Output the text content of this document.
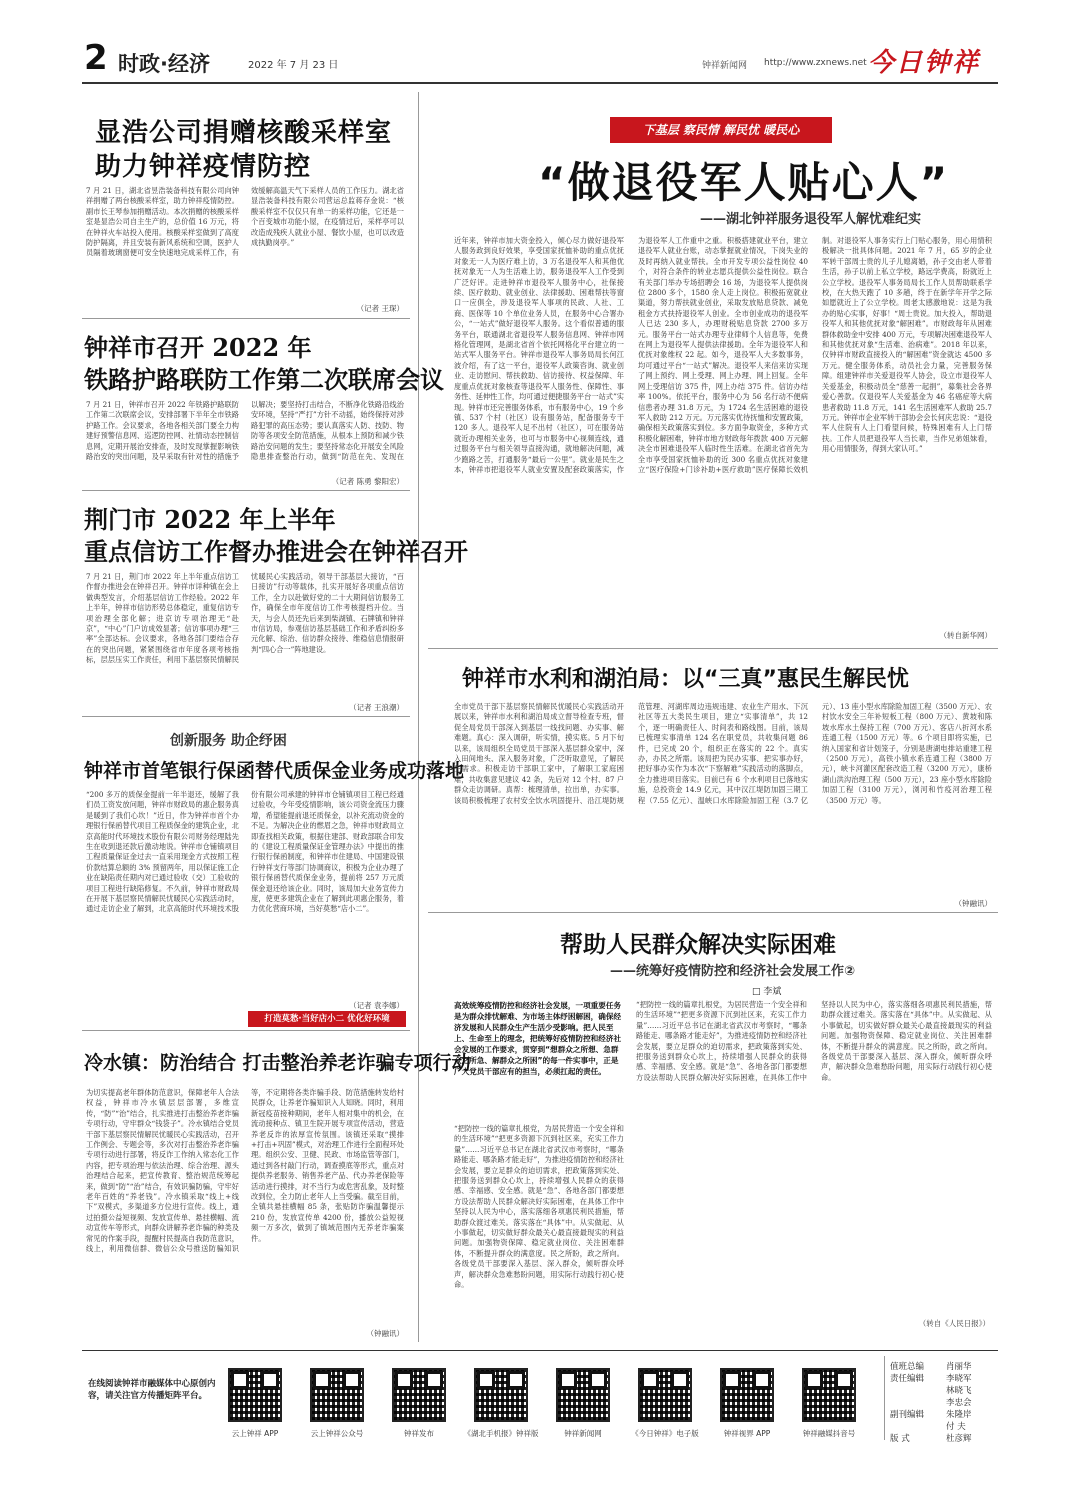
2 时政·经济	2022 年 7 月 23 日	钟祥新闻网 http://www.zxnews.net 今日钟祥
显浩公司捐赠核酸采样室
助力钟祥疫情防控
7 月 21 日，湖北省昱浩装备科技有限公司向钟祥捐赠了两台核酸采样室，助力钟祥疫情防控。副市长王琴参加捐赠活动。本次捐赠的核酸采样室是显浩公司自主生产的，总价值 16 万元，将在钟祥火车站投入使用。核酸采样室做到了高度防护隔离，并且安装有新风系统和空调，医护人员隔着玻璃窗便可安全快速地完成采样工作，有效缓解高温天气下采样人员的工作压力。湖北省显浩装备科技有限公司营运总监蒋存金说：“核酸采样室不仅仅只有单一的采样功能，它还是一个百变城市功能小屋，在疫情过后，采样亭可以改造成残疾人就业小屋、餐饮小屋，也可以改造成执勤岗亭。”
（记者 王琛）
钟祥市召开 2022 年
铁路护路联防工作第二次联席会议
7 月 21 日，钟祥市召开 2022 年铁路护路联防工作第二次联席会议，安排部署下半年全市铁路护路工作。会议要求，各地各相关部门要全力构建好预警信息网、巡逻防控网、社情动态控制信息网，定期开展治安排查，及时发现掌握影响铁路治安的突出问题，及早采取有针对性的措施予以解决；要坚持打击结合，不断净化铁路沿线治安环境，坚持“严打”方针不动摇，始终保持对涉路犯罪的高压态势；要认真落实人防、技防、物防等各项安全防范措施，从根本上预防和减少铁路治安问题的发生；要坚持常态化开展安全风险隐患排查整治行动，做到“防范在先、发现在
（记者 陈勇 黎阳宏）
荆门市 2022 年上半年
重点信访工作督办推进会在钟祥召开
7 月 21 日，荆门市 2022 年上半年重点信访工作督办推进会在钟祥召开。钟祥市详种镇在会上做典型发言，介绍基层信访工作经验。2022 年上半年，钟祥市信访形势总体稳定，重复信访专项治理全部化解；进京访专项治理无“赴京”，“中心”门户访成效显著；信访事项办理“三率”全部达标。会议要求，各地各部门要结合存在的突出问题，紧紧围绕省市年度各项考核指标，层层压实工作责任，利用下基层察民情解民忧暖民心实践活动，领导干部基层大接访，“百日接访”行动等载体，扎实开展好各项重点信访工作，全力以赴做好党的二十大期间信访服务工作，确保全市年度信访工作考核提档升位。当天，与会人员还先后来到柴湖镇、石牌镇和钟祥市信访局，参观信访基层基础工作和矛盾纠纷多元化解、综治、信访群众接待、维稳信息情报研判“四心合一”阵地建设。
（记者 王浪潮）
创新服务 助企纾困
钟祥市首笔银行保函替代质保金业务成功落地
“200 多万的质保金提前一年半退还，缓解了我们员工资发放问题，钟祥市财政局的惠企服务真是暖到了我们心坎！”近日，作为钟祥市首个办理银行保函替代项目工程质保金的建筑企业，北京高能时代环境技术股份有限公司财务经理陆先生在收到退还款后激动地说。钟祥市仓铺镇项目工程质量保证金过去一直采用现金方式按照工程价款结算总额的 3% 预留两年，用以保证施工企业在缺陷责任期内对已通过验收（交）工验收的项目工程进行缺陷修复。不久前，钟祥市财政局在开展下基层察民情解民忧暖民心实践活动时，通过走访企业了解到，北京高能时代环境技术股份有限公司承建的钟祥市仓铺镇项目工程已经通过验收，今年受疫情影响，该公司资金流压力骤增，希望能提前退还质保金，以补充流动资金的不足。为解决企业的燃眉之急，钟祥市财政局立即查找相关政策，根据住建部、财政部联合印发的《建设工程质量保证金管理办法》中提出的推行银行保函制度，和钟祥市住建局、中国建设银行钟祥支行等部门协调商议，积极为企业办理了银行保函替代质保金业务，提前将 257 万元质保金退还给该企业。同时，该局加大业务宣传力度，使更多建筑企业在了解到此项惠企服务，着力优化营商环境，当好莫愁“店小二”。
（记者 袁李娜）
打造莫愁·当好店小二 优化好环境
冷水镇：防治结合 打击整治养老诈骗专项行动
为切实提高老年群体防范意识，保障老年人合法权益，钟祥市冷水镇层层部署，多维宣传，“防”“治”结合，扎实推进打击整治养老诈骗专项行动，守牢群众“钱袋子”。冷水镇结合党员干部下基层察民情解民忧暖民心实践活动，召开工作例会、专题会等，多次对打击整治养老诈骗专项行动进行部署，将反诈工作纳入常态化工作内容，把专项治理与依法治理、综合治理、源头治理结合起来，把宣传教育、整治规范统筹起来，做到“防”“治”结合，有效识骗防骗，守牢好老年百姓的“养老钱”。冷水镇采取“线上+线下”双模式，多渠道多方位进行宣传。线上，通过拍摄公益短视频、发放宣传单、悬挂横幅、流动宣传车等形式，向群众讲解养老诈骗的种类及常见的作案手段，提醒村民提高自我防范意识，线上，利用微信群、微信公众号推送防骗知识等，不定期将各类诈骗手段、防范措施转发给村民群众，让养老诈骗知识入人知晓。同时，利用新冠疫苗接种期间，老年人相对集中的机会，在流动接种点、镇卫生院开展专项宣传活动，营造养老反诈的浓厚宣传氛围。该镇还采取“摸排+打击+巩固”模式，对治理工作进行全面程环处理。组织公安、卫健、民政、市场监管等部门，通过到各村敲门行动，调查摸底等形式，重点对提供养老服务、销售养老产品、代办养老保险等活动进行摸排，对不当行为或危害乱象，及时整改到位，全力防止老年人上当受骗。截至目前，全镇共悬挂横幅 85 条，张贴防诈骗温馨提示 210 份，发放宣传单 4200 份，播放公益短视频一万多次，做到了镇域范围内无养老诈骗案件。
（钟融讯）
下基层 察民情 解民忧 暖民心
“做退役军人贴心人”
——湖北钟祥服务退役军人解忧难纪实
近年来，钟祥市加大资金投入，倾心尽力做好退役军人服务政到良好效果，享受国家抚恤补助的重点优抚对象无一人为医疗难上访，3 万名退役军人和其他优抚对象无一人为生活难上访，服务退役军人工作受到广泛好评。走进钟祥市退役军人服务中心，社保接续、医疗救助、就业创业、法律援助、困难帮扶等窗口一应俱全，涉及退役军人事项的民政、人社、工商、医保等 10 个单位业务人员，在服务中心合署办公，“一站式”做好退役军人服务。这个看似普通的服务平台，联通湖北省退役军人服务信息网、钟祥市网格化管理网，是湖北省首个依托网格化平台建立的一站式军人服务平台。钟祥市退役军人事务局局长何江波介绍，有了这一平台，退役军人政策咨询、就业创业、走访慰问、帮扶救助、信访接待、权益保障、年度重点优抚对象核查等退役军人服务性、保障性、事务性、延伸性工作，均可通过便捷服务平台一站式”实现。钟祥市还完善服务体系，市有服务中心，19 个乡镇、537 个村（社区）设有服务站，配备服务专干 120 多人。退役军人足不出村（社区），可在服务站就近办理相关业务，也可与市服务中心视频连线，通过服务平台与相关领导直接沟通，就地解决问题，减少跑路之苦，打通服务“最后一公里”。就业是民生之本，钟祥市把退役军人就业安置及配套政策落实，作为退役军人工作重中之重。积极搭建就业平台，建立退役军人就业台账，动态掌握就业情况，下岗失业的及时再纳入就业帮扶。全市开发专项公益性岗位 40 个，对符合条件的转业志愿兵提供公益性岗位。联合有关部门举办专场招聘会 16 场，为退役军人提供岗位 2800 多个，1580 余人走上岗位。积极拓宽就业渠道，努力帮扶就业创业，采取发放贴息贷款、减免租金方式扶持退役军人创业。全市创业成功的退役军人已达 230 多人，办理财税贴息贷款 2700 多万元。服务平台一站式办理专业律师个人信息等，免费在网上为退役军人提供法律援助。全年为退役军人和优抚对象维权 22 起。如今，退役军人大多数事务，均可通过平台“一站式”解决。退役军人来信来访实现了网上预约、网上受理、网上办理、网上回复。全年网上受理信访 375 件，网上办结 375 件。信访办结率 100%。依托平台，服务中心为 56 名行动不便病信患者办理 31.8 万元，为 1724 名生活困难的退役军人救助 212 万元。万元落实优待抚恤和安置政策，确保相关政策落实到位。多方面争取资金，多种方式积极化解困难，钟祥市地方财政每年拨款 400 万元解决全市困难退役军人临时性生活难。在湖北省首先为全市享受国家抚恤补助的近 300 名重点优抚对象建立“医疗保险+门诊补助+医疗救助”医疗保障长效机制。对退役军人事务实行上门贴心服务，用心用情积极解决一批具体问题。2021 年 7 月，65 岁的企业军转干部周士贵的儿子儿媳离婚，孙子交由老人带着生活，孙子以前上私立学校，路远学费高，盼就近上公立学校。退役军人事务局局长工作人员帮助联系学校，在大热天跑了 10 多趟，终于在新学年开学之际如愿就近上了公立学校。周老太感激地说：这是为我办的贴心实事，好事！“周士贵说。加大投入，帮助退役军人和其他优抚对象“解困难”。市财政每年从困难群体救助金中安排 400 万元，专项解决困难退役军人和其他优抚对象“生活难、治病难”。2018 年以来，仅钟祥市财政直接投入的“解困难”资金就达 4500 多万元。健全服务体系，动员社会力量，完善服务保障。组建钟祥市关爱退役军人协会，设立市退役军人关爱基金，积极动员全“慈善一起捐”，募集社会各界爱心善款。仅退役军人关爱基金为 46 名癌症等大病患者救助 11.8 万元，141 名生活困难军人救助 25.7 万元。钟祥市企业军转干部协会会长何庆忠说：“退役军人住院有人上门看望问候，特殊困难有人上门帮扶。工作人员把退役军人当长辈，当作兄弟姐妹看，用心用情服务，得到大家认可。”
（转自新华网）
钟祥市水利和湖泊局：以“三真”惠民生解民忧
全市党员干部下基层察民情解民忧暖民心实践活动开展以来，钟祥市水利和湖泊局成立督导检查专班，督促全局党员干部深入到基层一线找问题、办实事、解难题。真心：深入调研，听实情，摸实底。5 月下旬以来，该局组织全局党员干部深入基层群众家中，深入田间地头、深入服务对象，广泛听取意见，了解民生需求。积极走访干部职工家中，了解职工家庭困难，共收集意见建议 42 条，先后对 12 个村、87 户群众走访调研。真帮：梳理清单，拉出单，办实事。该局积极梳理了农村安全饮水巩固提升、沿江堤防规范管理、河湖库周边违规违建、农业生产用水、下沉社区等五大类民生项目，建立“实事清单”，共 12 个，逐一明确责任人、时间表和路线图。目前，该局已梳理实事清单 124 名在职党员，共收集问题 86 件，已完成 20 个，组织正在落实的 22 个。真实办，办民之所需。该局把为民办实事、把实事办好，把好事办实作为本次“下察解难”实践活动的落脚点，全力推进项目落实。目前已有 6 个水利项目已落地实施，总投资金 14.9 亿元，其中汉江堤防加固三期工程（7.55 亿元）、温峡口水库除险加固工程（3.7 亿元）、13 座小型水库除险加固工程（3500 万元）、农村饮水安全三年补短板工程（800 万元）、黄坡和陈坡水库水土保持工程（700 万元）、客店八折河水系连通工程（1500 万元）等。6 个项目即将实施，已纳入国家和省计划笼子，分别是唐湖电排站重建工程（2500 万元），高铁小镇水系连通工程（3800 万元），峡卡河灌区配套改造工程（3200 万元），康桥湖山洪沟治理工程（500 万元），23 座小型水库除险加固工程（3100 万元），浏河和竹疫河治理工程（3500 万元）等。
（钟融讯）
帮助人民群众解决实际困难
——统筹好疫情防控和经济社会发展工作②
□ 李斌
高效统筹疫情防控和经济社会发展，一项重要任务是为群众排忧解难、为市场主体纾困解困，确保经济发展和人民群众生产生活少受影响。把人民至上、生命至上的理念，把统筹好疫情防控和经济社会发展的工作要求，贯穿到“想群众之所想、急群众之所急、解群众之所困”的每一件实事中，正是广大党员干部应有的担当，必须扛起的责任。
“把防控一线的篇章扎根党，为居民营造一个安全祥和的生活环境”“把更多资源下沉到社区来，充实工作力量”……习近平总书记在湖北省武汉市考察时，“哪条路能走、哪条路才能走好”，为推进疫情防控和经济社会发展，要立足群众的迫切需求，把政策落到实处、把服务送到群众心坎上，持续增强人民群众的获得感、幸福感、安全感。就是“急”、各地各部门都要想方设法帮助人民群众解决好实际困难，在具体工作中坚持以人民为中心，落实落细各项惠民利民措施，帮助群众渡过难关。落实落在“具体”中。从实做起、从小事做起，切实做好群众最关心最直接最现实的利益问题。加强物资保障、稳定就业岗位、关注困难群体，不断提升群众的满意度。民之所盼，政之所向。各级党员干部要深入基层、深入群众，倾听群众呼声，解决群众急难愁盼问题，用实际行动践行初心使命。
“把防控一线的篇章扎根党，为居民营造一个安全祥和的生活环境”“把更多资源下沉到社区来，充实工作力量”……习近平总书记在湖北省武汉市考察时，“哪条路能走、哪条路才能走好”，为推进疫情防控和经济社会发展，要立足群众的迫切需求，把政策落到实处、把服务送到群众心坎上，持续增强人民群众的获得感、幸福感、安全感。就是“急”、各地各部门都要想方设法帮助人民群众解决好实际困难，在具体工作中坚持以人民为中心，落实落细各项惠民利民措施，帮助群众渡过难关。落实落在“具体”中。从实做起、从小事做起，切实做好群众最关心最直接最现实的利益问题。加强物资保障、稳定就业岗位、关注困难群体，不断提升群众的满意度。民之所盼，政之所向。各级党员干部要深入基层、深入群众，倾听群众呼声，解决群众急难愁盼问题，用实际行动践行初心使命。
（转自《人民日报》）
在线阅读钟祥市融媒体中心原创内容，请关注官方传播矩阵平台。
云上钟祥 APP	云上钟祥公众号	钟祥发布	《湖北手机报》钟祥版	钟祥新闻网	《今日钟祥》电子版	钟祥视界 APP	钟祥融媒抖音号
值班总编	肖丽华
责任编辑	李晓军
林晓飞
李忠会
副刊编辑	朱隆岸
付 夫
版 式	杜彦辉
